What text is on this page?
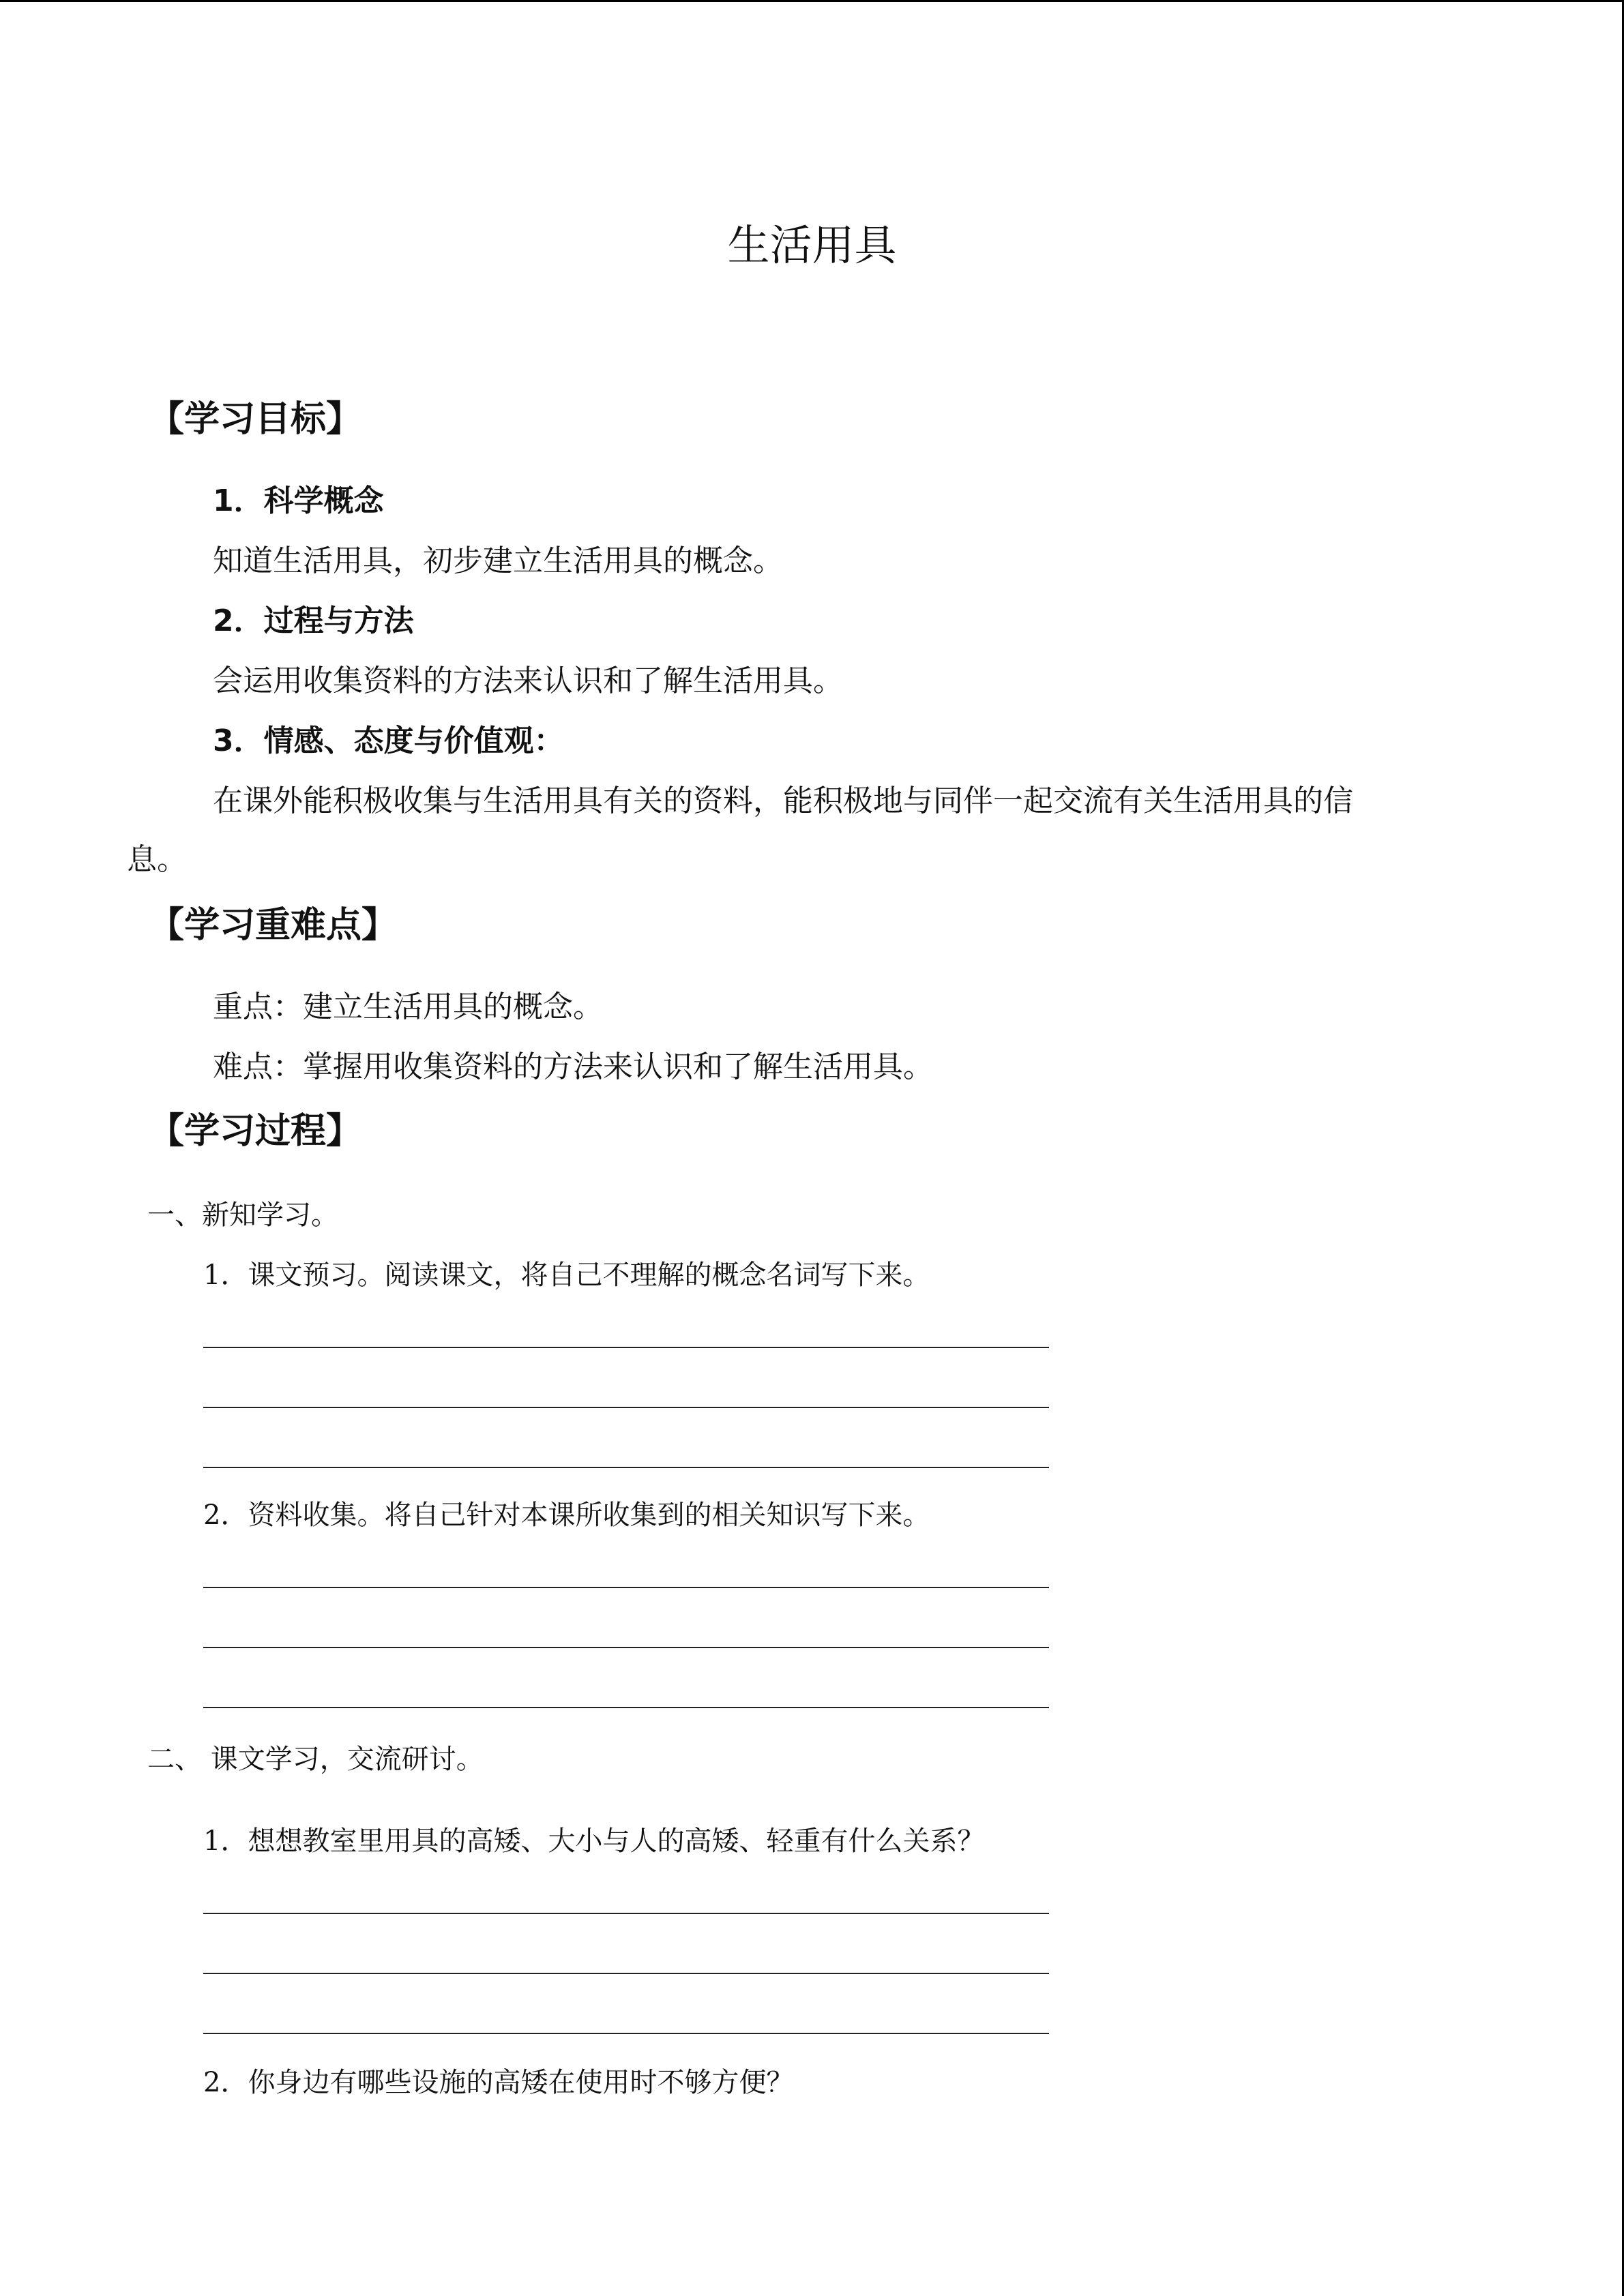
生活用具
【学习目标】
1．科学概念
知道生活用具，初步建立生活用具的概念。
2．过程与方法
会运用收集资料的方法来认识和了解生活用具。
3．情感、态度与价值观：
在课外能积极收集与生活用具有关的资料，能积极地与同伴一起交流有关生活用具的信
息。
【学习重难点】
重点：建立生活用具的概念。
难点：掌握用收集资料的方法来认识和了解生活用具。
【学习过程】
一、新知学习。
1．课文预习。阅读课文，将自己不理解的概念名词写下来。
2．资料收集。将自己针对本课所收集到的相关知识写下来。
二、 课文学习，交流研讨。
1．想想教室里用具的高矮、大小与人的高矮、轻重有什么关系？
2．你身边有哪些设施的高矮在使用时不够方便？
